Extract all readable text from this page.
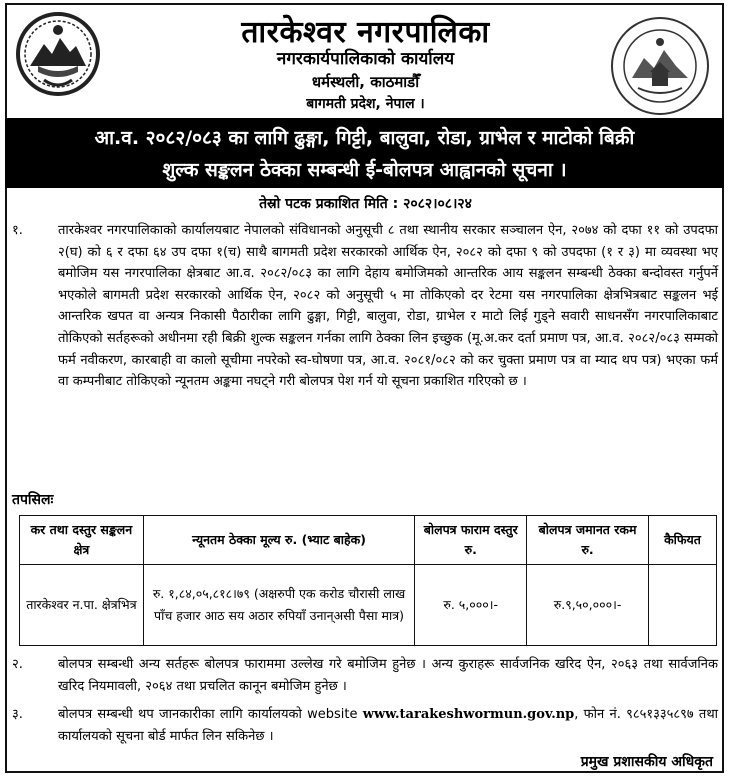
तारकेश्वर नगरपालिका
नगरकार्यपालिकाको कार्यालय
धर्मस्थली, काठमाडौँ
बागमती प्रदेश, नेपाल ।
आ.व. २०८२/०८३ का लागि ढुङ्गा, गिट्टी, बालुवा, रोडा, ग्राभेल र माटोको बिक्री
शुल्क सङ्कलन ठेक्का सम्बन्धी ई-बोलपत्र आह्वानको सूचना ।
तेस्रो पटक प्रकाशित मिति : २०८२।०८।२४
१.	तारकेश्वर नगरपालिकाको कार्यालयबाट नेपालको संविधानको अनुसूची ८ तथा स्थानीय सरकार सञ्चालन ऐन, २०७४ को दफा ११ को उपदफा २(घ) को ६ र दफा ६४ उप दफा १(च) साथै बागमती प्रदेश सरकारको आर्थिक ऐन, २०८२ को दफा ९ को उपदफा (१ र ३) मा व्यवस्था भए बमोजिम यस नगरपालिका क्षेत्रबाट आ.व. २०८२/०८३ का लागि देहाय बमोजिमको आन्तरिक आय सङ्कलन सम्बन्धी ठेक्का बन्दोवस्त गर्नुपर्ने भएकोले बागमती प्रदेश सरकारको आर्थिक ऐन, २०८२ को अनुसूची ५ मा तोकिएको दर रेटमा यस नगरपालिका क्षेत्रभित्रबाट सङ्कलन भई आन्तरिक खपत वा अन्यत्र निकासी पैठारीका लागि ढुङ्गा, गिट्टी, बालुवा, रोडा, ग्राभेल र माटो लिई गुड्ने सवारी साधनसँग नगरपालिकाबाट तोकिएको सर्तहरूको अधीनमा रही बिक्री शुल्क सङ्कलन गर्नका लागि ठेक्का लिन इच्छुक (मू.अ.कर दर्ता प्रमाण पत्र, आ.व. २०८२/०८३ सम्मको फर्म नवीकरण, कारबाही वा कालो सूचीमा नपरेको स्व-घोषणा पत्र, आ.व. २०८१/०८२ को कर चुक्ता प्रमाण पत्र वा म्याद थप पत्र) भएका फर्म वा कम्पनीबाट तोकिएको न्यूनतम अङ्कमा नघट्ने गरी बोलपत्र पेश गर्न यो सूचना प्रकाशित गरिएको छ ।
तपसिलः
कर तथा दस्तुर सङ्कलन क्षेत्र	न्यूनतम ठेक्का मूल्य रु. (भ्याट बाहेक)	बोलपत्र फाराम दस्तुर रु.	बोलपत्र जमानत रकम रु.	कैफियत
तारकेश्वर न.पा. क्षेत्रभित्र	रु. १,८४,०५,८१८।७९ (अक्षरुपी एक करोड चौरासी लाख पाँच हजार आठ सय अठार रुपियाँ उनान्असी पैसा मात्र)	रु. ५,०००।-	रु.९,५०,०००।-	
२.	बोलपत्र सम्बन्धी अन्य सर्तहरू बोलपत्र फाराममा उल्लेख गरे बमोजिम हुनेछ । अन्य कुराहरू सार्वजनिक खरिद ऐन, २०६३ तथा सार्वजनिक खरिद नियमावली, २०६४ तथा प्रचलित कानून बमोजिम हुनेछ ।
३.	बोलपत्र सम्बन्धी थप जानकारीका लागि कार्यालयको website www.tarakeshwormun.gov.np, फोन नं. ९८५१३३५८९७ तथा कार्यालयको सूचना बोर्ड मार्फत लिन सकिनेछ ।
प्रमुख प्रशासकीय अधिकृत
